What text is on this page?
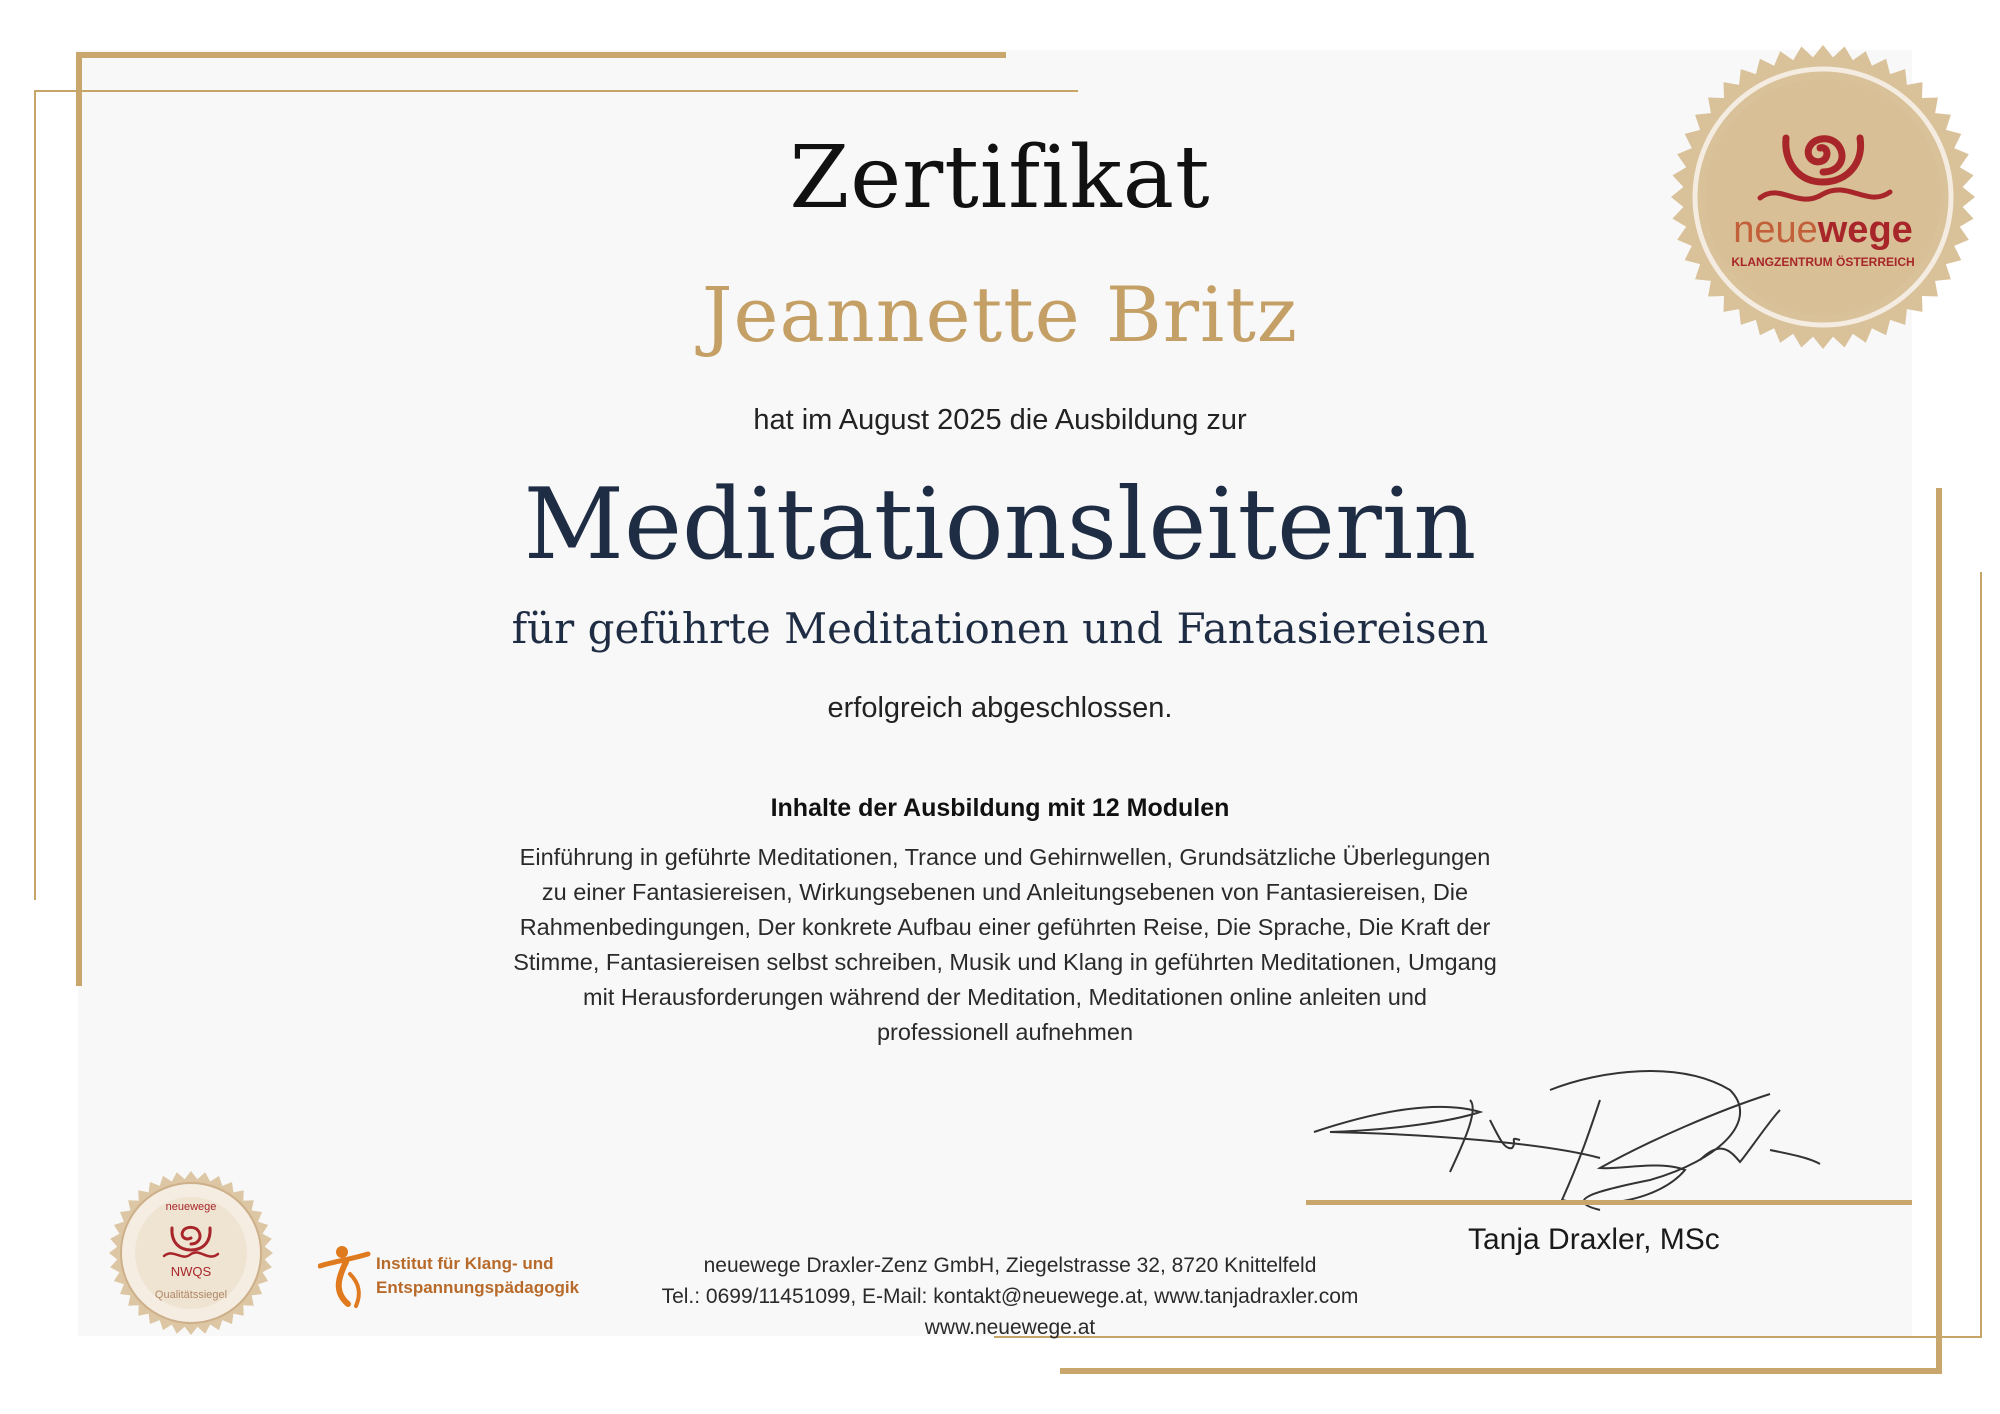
Zertifikat
Jeannette Britz
hat im August 2025 die Ausbildung zur
Meditationsleiterin
für geführte Meditationen und Fantasiereisen
erfolgreich abgeschlossen.
Inhalte der Ausbildung mit 12 Modulen
Einführung in geführte Meditationen, Trance und Gehirnwellen, Grundsätzliche Überlegungen
zu einer Fantasiereisen, Wirkungsebenen und Anleitungsebenen von Fantasiereisen, Die
Rahmenbedingungen, Der konkrete Aufbau einer geführten Reise, Die Sprache, Die Kraft der
Stimme, Fantasiereisen selbst schreiben, Musik und Klang in geführten Meditationen, Umgang
mit Herausforderungen während der Meditation, Meditationen online anleiten und
professionell aufnehmen
Tanja Draxler, MSc
neuewege Draxler-Zenz GmbH, Ziegelstrasse 32, 8720 Knittelfeld
Tel.: 0699/11451099, E-Mail: kontakt@neuewege.at, www.tanjadraxler.com
www.neuewege.at
neuewege
KLANGZENTRUM ÖSTERREICH
neuewege
NWQS
Qualitätssiegel
Institut für Klang- und
Entspannungspädagogik
